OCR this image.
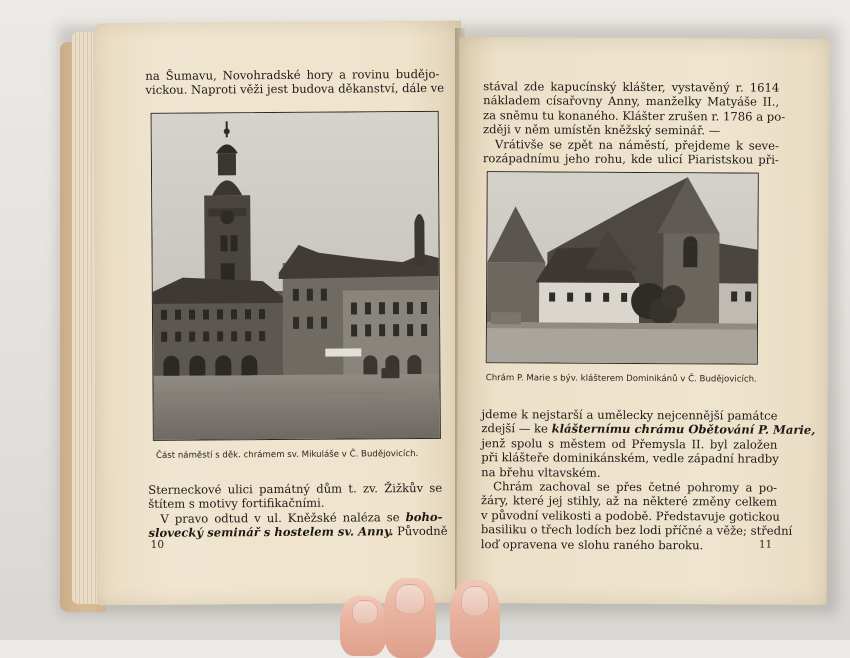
na Šumavu, Novohradské hory a rovinu budějo-
vickou. Naproti věži jest budova děkanství, dále ve
Část náměstí s děk. chrámem sv. Mikuláše v Č. Budějovicích.
Sterneckové ulici památný dům t. zv. Žižkův se
štítem s motivy fortifikačními.
V pravo odtud v ul. Kněžské naléza se boho-
slovecký seminář s hostelem sv. Anny. Původně
10
stával zde kapucínský klášter, vystavěný r. 1614
nákladem císařovny Anny, manželky Matyáše II.,
za sněmu tu konaného. Klášter zrušen r. 1786 a po-
zději v něm umístěn kněžský seminář. —
Vrátivše se zpět na náměstí, přejdeme k seve-
rozápadnímu jeho rohu, kde ulicí Piaristskou při-
Chrám P. Marie s býv. klášterem Dominikánů v Č. Budějovicích.
jdeme k nejstarší a umělecky nejcennější památce
zdejší — ke klášternímu chrámu Obětování P. Marie,
jenž spolu s městem od Přemysla II. byl založen
při klášteře dominikánském, vedle západní hradby
na břehu vltavském.
Chrám zachoval se přes četné pohromy a po-
žáry, které jej stihly, až na některé změny celkem
v původní velikosti a podobě. Představuje gotickou
basiliku o třech lodích bez lodi příčné a věže; střední
loď opravena ve slohu raného baroku.	11
